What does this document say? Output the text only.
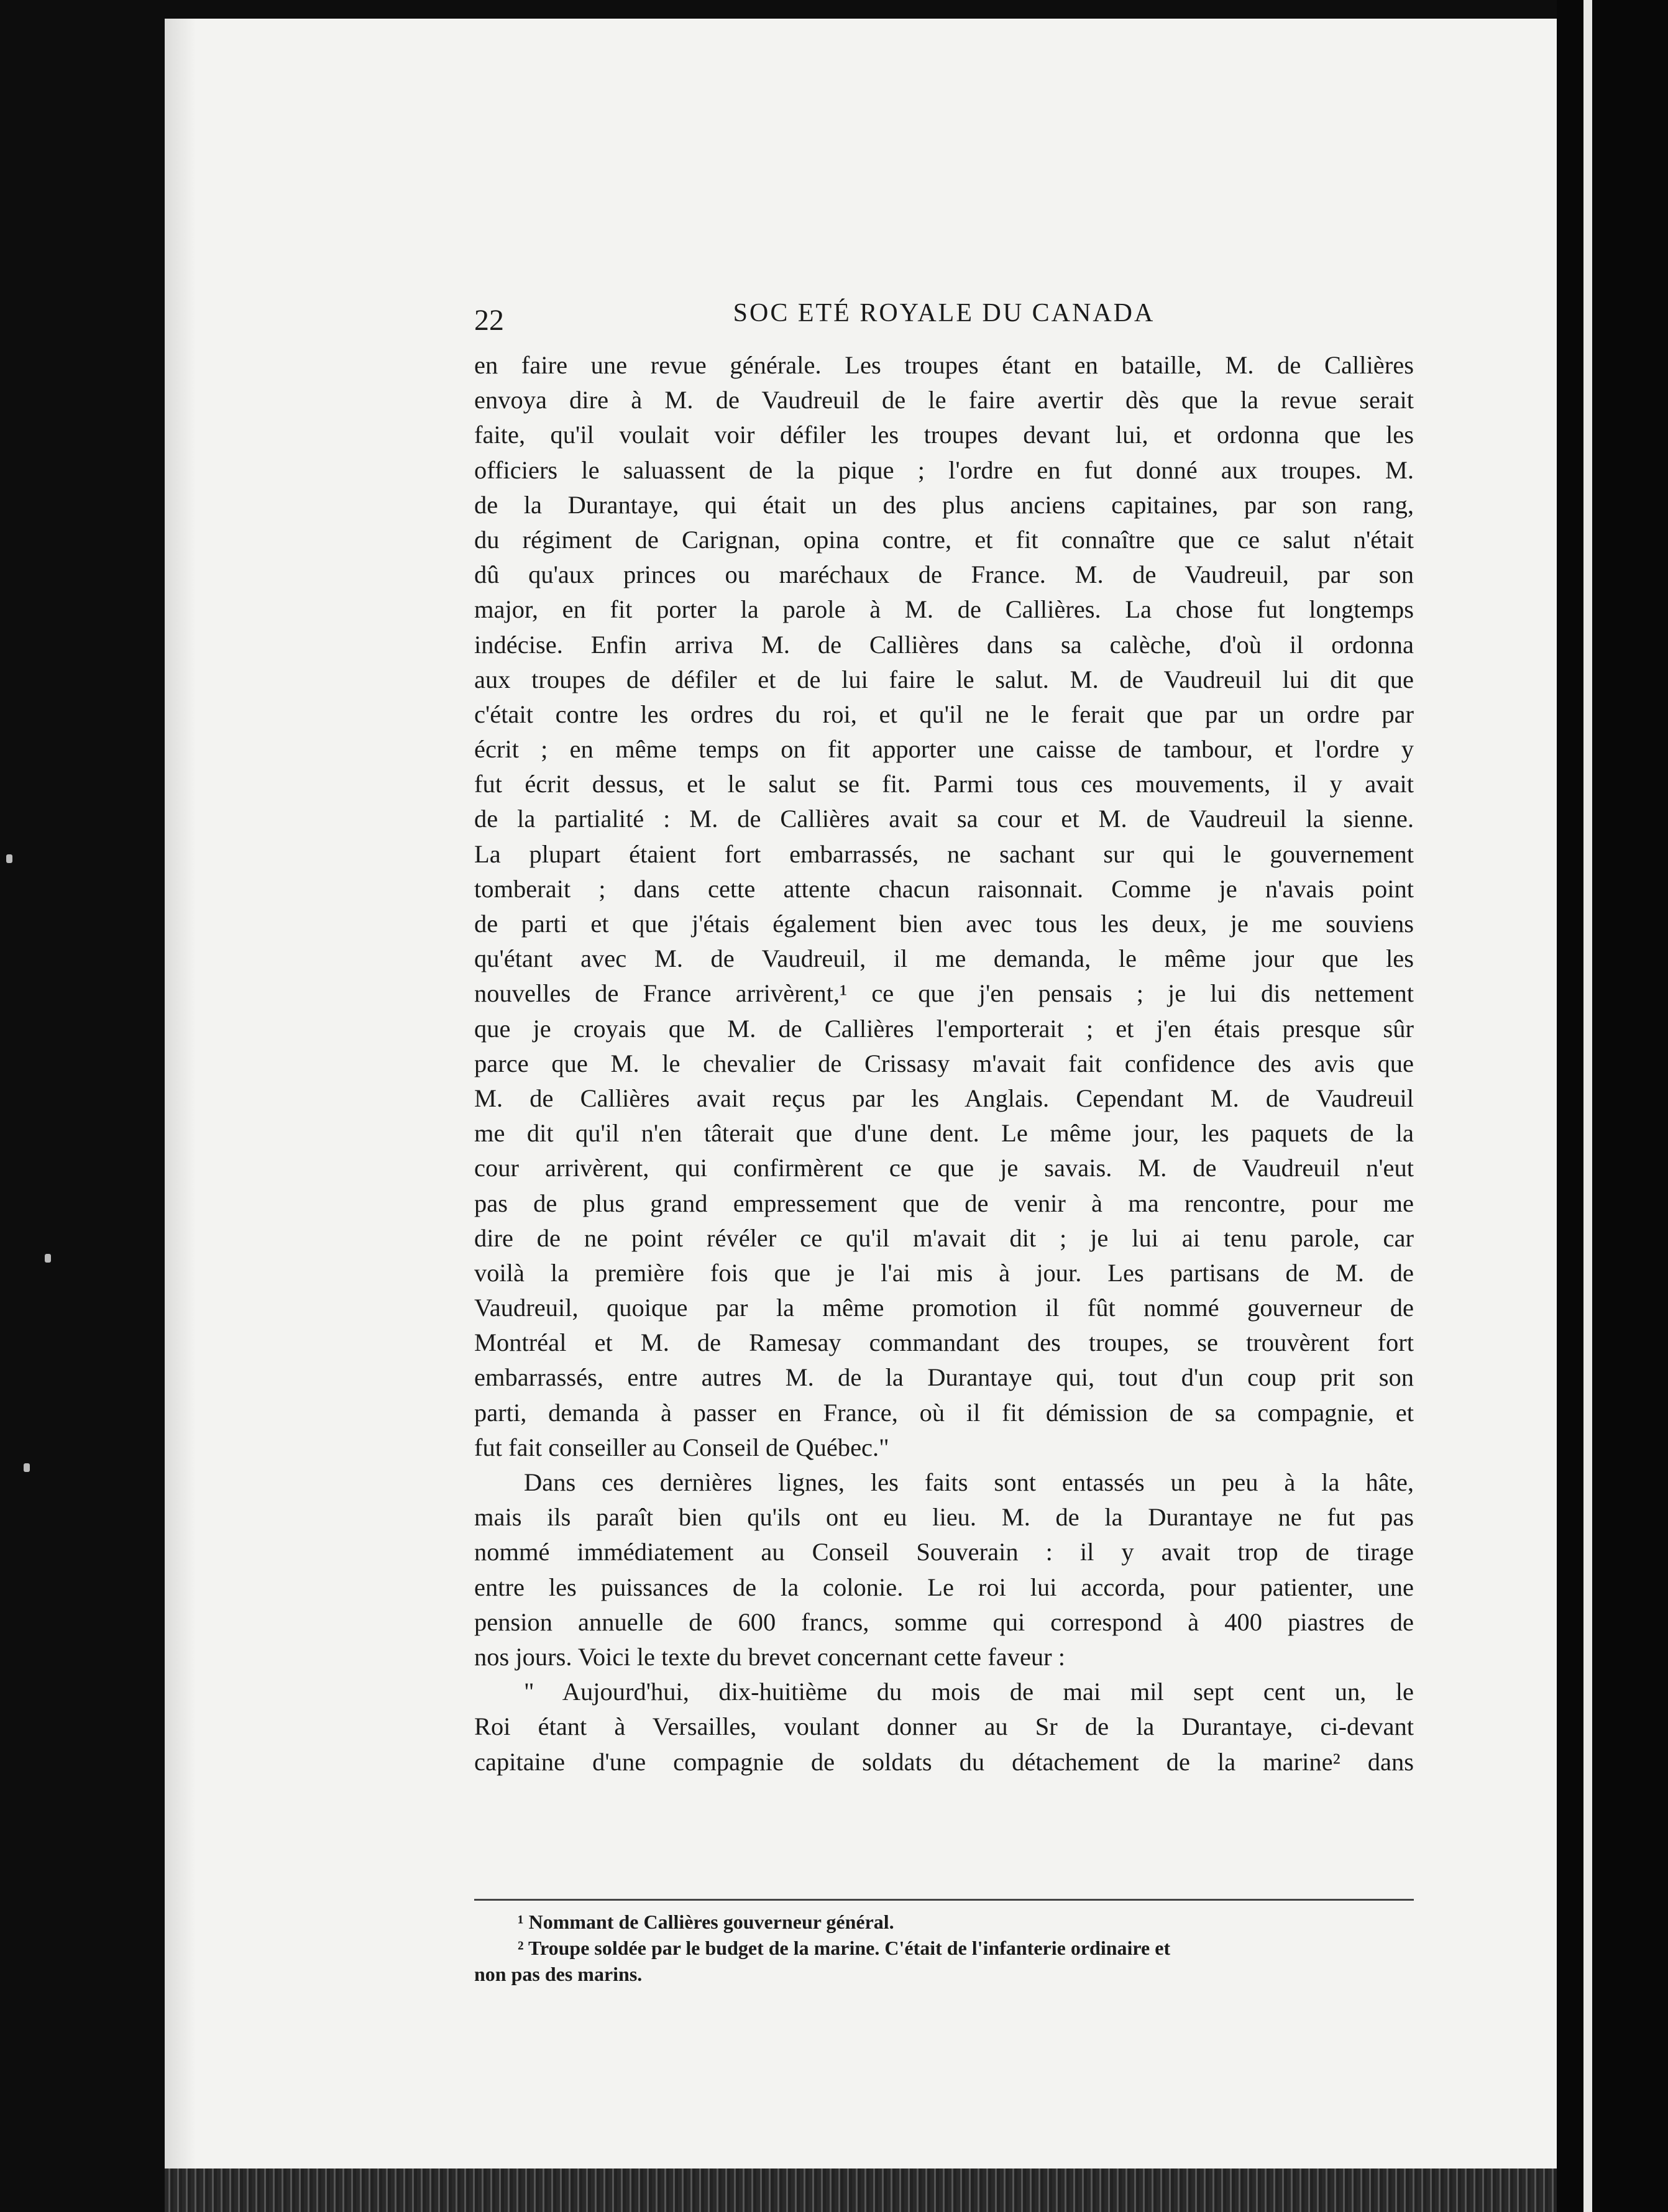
22	SOC ETÉ ROYALE DU CANADA
en faire une revue générale. Les troupes étant en bataille, M. de Callières
envoya dire à M. de Vaudreuil de le faire avertir dès que la revue serait
faite, qu'il voulait voir défiler les troupes devant lui, et ordonna que les
officiers le saluassent de la pique ; l'ordre en fut donné aux troupes. M.
de la Durantaye, qui était un des plus anciens capitaines, par son rang,
du régiment de Carignan, opina contre, et fit connaître que ce salut n'était
dû qu'aux princes ou maréchaux de France. M. de Vaudreuil, par son
major, en fit porter la parole à M. de Callières. La chose fut longtemps
indécise. Enfin arriva M. de Callières dans sa calèche, d'où il ordonna
aux troupes de défiler et de lui faire le salut. M. de Vaudreuil lui dit que
c'était contre les ordres du roi, et qu'il ne le ferait que par un ordre par
écrit ; en même temps on fit apporter une caisse de tambour, et l'ordre y
fut écrit dessus, et le salut se fit. Parmi tous ces mouvements, il y avait
de la partialité : M. de Callières avait sa cour et M. de Vaudreuil la sienne.
La plupart étaient fort embarrassés, ne sachant sur qui le gouvernement
tomberait ; dans cette attente chacun raisonnait. Comme je n'avais point
de parti et que j'étais également bien avec tous les deux, je me souviens
qu'étant avec M. de Vaudreuil, il me demanda, le même jour que les
nouvelles de France arrivèrent,¹ ce que j'en pensais ; je lui dis nettement
que je croyais que M. de Callières l'emporterait ; et j'en étais presque sûr
parce que M. le chevalier de Crissasy m'avait fait confidence des avis que
M. de Callières avait reçus par les Anglais. Cependant M. de Vaudreuil
me dit qu'il n'en tâterait que d'une dent. Le même jour, les paquets de la
cour arrivèrent, qui confirmèrent ce que je savais. M. de Vaudreuil n'eut
pas de plus grand empressement que de venir à ma rencontre, pour me
dire de ne point révéler ce qu'il m'avait dit ; je lui ai tenu parole, car
voilà la première fois que je l'ai mis à jour. Les partisans de M. de
Vaudreuil, quoique par la même promotion il fût nommé gouverneur de
Montréal et M. de Ramesay commandant des troupes, se trouvèrent fort
embarrassés, entre autres M. de la Durantaye qui, tout d'un coup prit son
parti, demanda à passer en France, où il fit démission de sa compagnie, et
fut fait conseiller au Conseil de Québec."
Dans ces dernières lignes, les faits sont entassés un peu à la hâte,
mais ils paraît bien qu'ils ont eu lieu. M. de la Durantaye ne fut pas
nommé immédiatement au Conseil Souverain : il y avait trop de tirage
entre les puissances de la colonie. Le roi lui accorda, pour patienter, une
pension annuelle de 600 francs, somme qui correspond à 400 piastres de
nos jours. Voici le texte du brevet concernant cette faveur :
" Aujourd'hui, dix-huitième du mois de mai mil sept cent un, le
Roi étant à Versailles, voulant donner au Sr de la Durantaye, ci-devant
capitaine d'une compagnie de soldats du détachement de la marine² dans
¹ Nommant de Callières gouverneur général.
² Troupe soldée par le budget de la marine. C'était de l'infanterie ordinaire et
non pas des marins.
